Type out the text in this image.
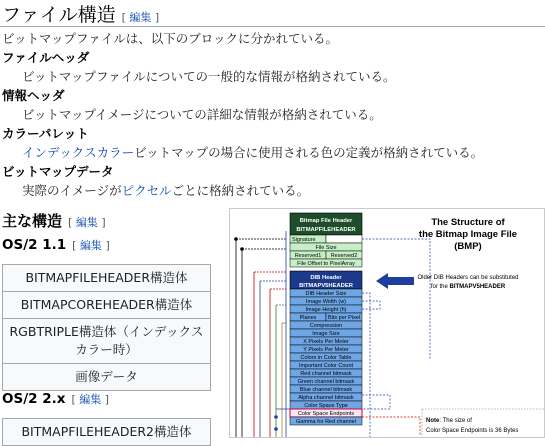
ファイル構造 [ 編集 ]
ビットマップファイルは、以下のブロックに分かれている。
ファイルヘッダ
ビットマップファイルについての一般的な情報が格納されている。
情報ヘッダ
ビットマップイメージについての詳細な情報が格納されている。
カラーパレット
インデックスカラービットマップの場合に使用される色の定義が格納されている。
ビットマップデータ
実際のイメージがピクセルごとに格納されている。
主な構造 [ 編集 ]
OS/2 1.1 [ 編集 ]
BITMAPFILEHEADER構造体
BITMAPCOREHEADER構造体
RGBTRIPLE構造体（インデックスカラー時）
画像データ
OS/2 2.x [ 編集 ]
BITMAPFILEHEADER2構造体
The Structure of
the Bitmap Image File
(BMP)
Bitmap File Header
BITMAPFILEHEADER
Signature
File Size
Reserved1 Reserved2
File Offset to PixelArray
DIB Header
BITMAPV5HEADER
DIB Header Size
Image Width (w)
Image Height (h)
Planes Bits per Pixel
Compression
Image Size
X Pixels Per Meter
Y Pixels Per Meter
Colors in Color Table
Important Color Count
Red channel bitmask
Green channel bitmask
Blue channel bitmask
Alpha channel bitmask
Color Space Type
Color Space Endpoints
Gamma for Red channel
Older DIB Headers can be substituted
for the BITMAPV5HEADER
Note: The size of
Color Space Endpoints is 36 Bytes
